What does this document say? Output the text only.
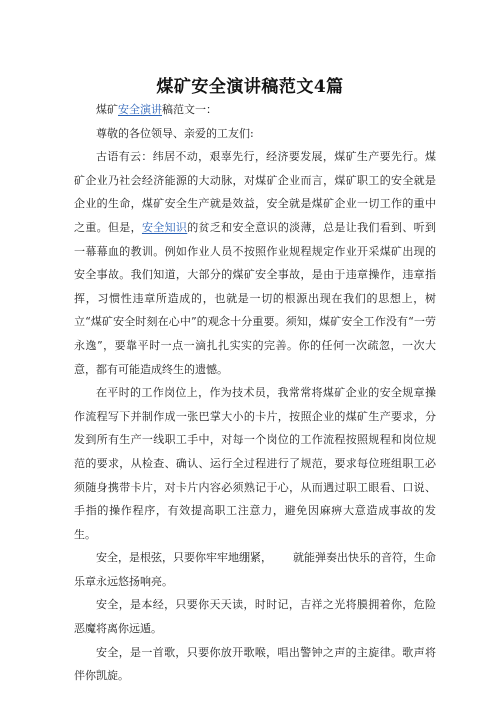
煤矿安全演讲稿范文4篇

煤矿安全演讲稿范文一：

尊敬的各位领导、亲爱的工友们:

古语有云：纬居不动，艰辜先行，经济要发展，煤矿生产要先行。煤矿企业乃社会经济能源的大动脉，对煤矿企业而言，煤矿职工的安全就是企业的生命，煤矿安全生产就是效益，安全就是煤矿企业一切工作的重中之重。但是，安全知识的贫乏和安全意识的淡薄，总是让我们看到、听到一幕幕血的教训。例如作业人员不按照作业规程规定作业开采煤矿出现的安全事故。我们知道，大部分的煤矿安全事故，是由于违章操作，违章指挥，习惯性违章所造成的，也就是一切的根源出现在我们的思想上，树立“煤矿安全时刻在心中”的观念十分重要。须知，煤矿安全工作没有“一劳永逸”，要靠平时一点一滴扎扎实实的完善。你的任何一次疏忽，一次大意，都有可能造成终生的遗憾。

在平时的工作岗位上，作为技术员，我常常将煤矿企业的安全规章操作流程写下并制作成一张巴掌大小的卡片，按照企业的煤矿生产要求，分发到所有生产一线职工手中，对每一个岗位的工作流程按照规程和岗位规范的要求，从检查、确认、运行全过程进行了规范，要求每位班组职工必须随身携带卡片，对卡片内容必须熟记于心，从而遇过职工眼看、口说、手指的操作程序，有效提高职工注意力，避免因麻痹大意造成事故的发生。

安全，是根弦，只要你牢牢地绷紧，      就能弹奏出快乐的音符，生命乐章永远悠扬响亮。

安全，是本经，只要你天天读，时时记，吉祥之光将膜拥着你，危险恶魔将离你远遁。

安全，是一首歌，只要你放开歌喉，唱出警钟之声的主旋律。歌声将伴你凯旋。
